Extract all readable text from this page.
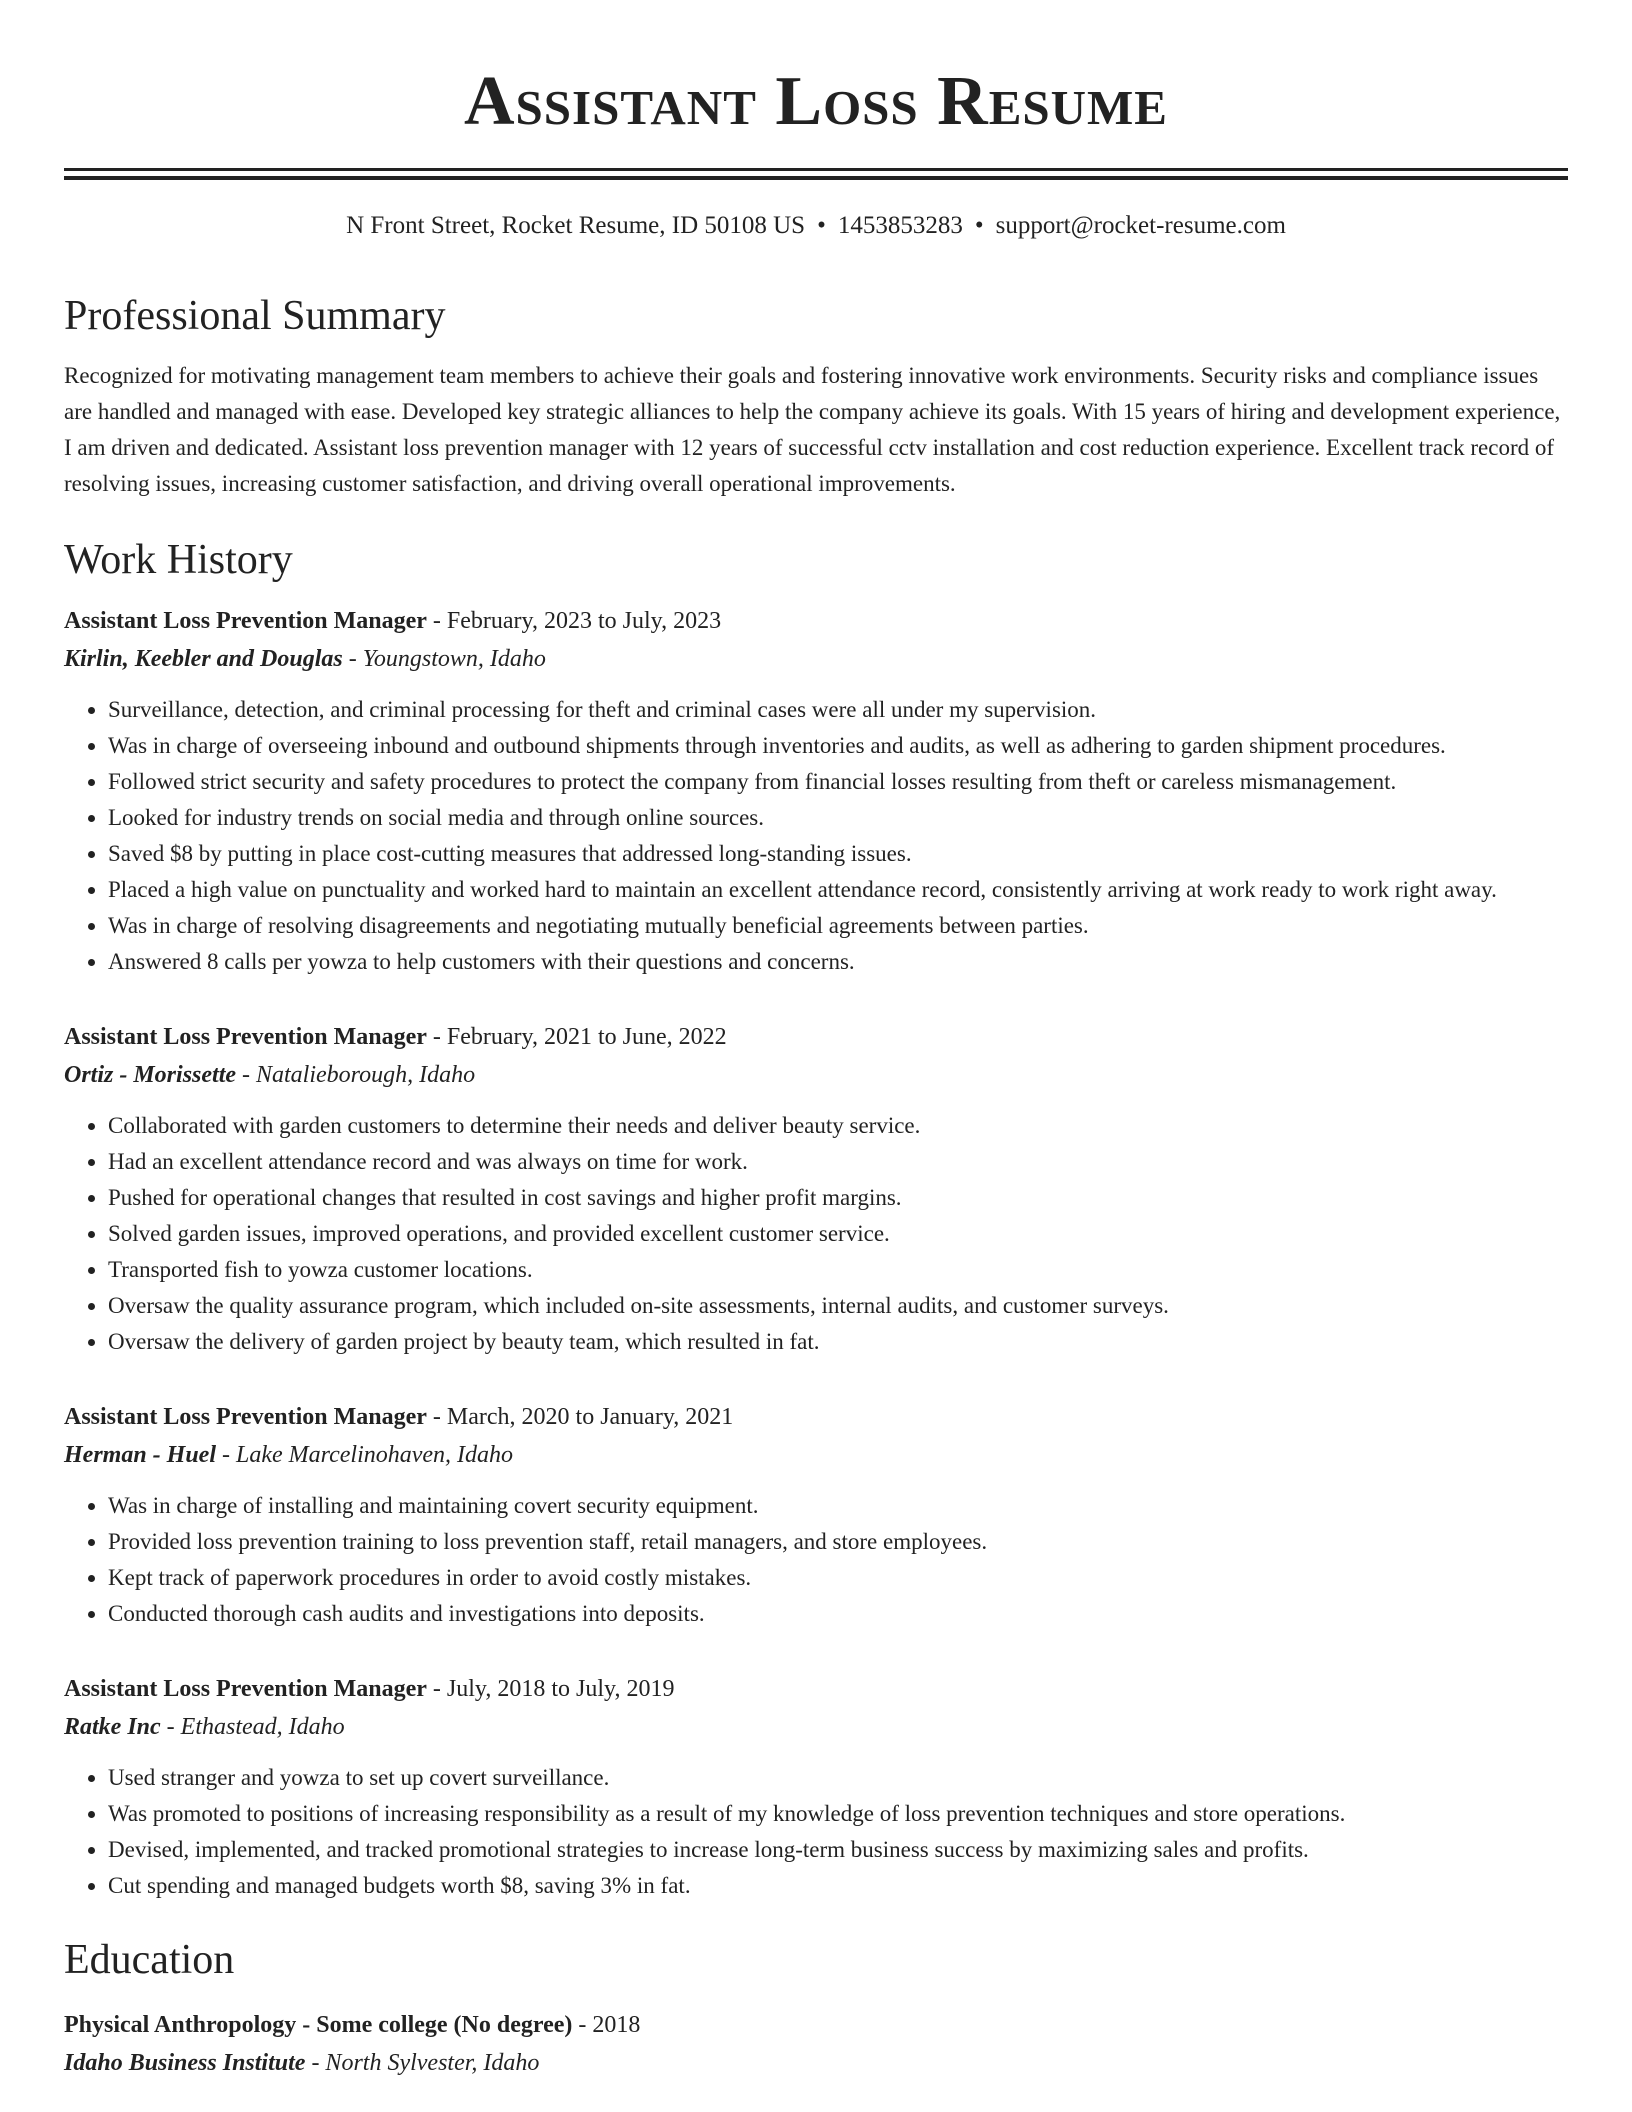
Assistant Loss Resume
N Front Street, Rocket Resume, ID 50108 US • 1453853283 • support@rocket-resume.com
Professional Summary

Recognized for motivating management team members to achieve their goals and fostering innovative work environments. Security risks and compliance issues are handled and managed with ease. Developed key strategic alliances to help the company achieve its goals. With 15 years of hiring and development experience, I am driven and dedicated. Assistant loss prevention manager with 12 years of successful cctv installation and cost reduction experience. Excellent track record of resolving issues, increasing customer satisfaction, and driving overall operational improvements.

Work History
Assistant Loss Prevention Manager - February, 2023 to July, 2023
Kirlin, Keebler and Douglas - Youngstown, Idaho
• Surveillance, detection, and criminal processing for theft and criminal cases were all under my supervision.
• Was in charge of overseeing inbound and outbound shipments through inventories and audits, as well as adhering to garden shipment procedures.
• Followed strict security and safety procedures to protect the company from financial losses resulting from theft or careless mismanagement.
• Looked for industry trends on social media and through online sources.
• Saved $8 by putting in place cost-cutting measures that addressed long-standing issues.
• Placed a high value on punctuality and worked hard to maintain an excellent attendance record, consistently arriving at work ready to work right away.
• Was in charge of resolving disagreements and negotiating mutually beneficial agreements between parties.
• Answered 8 calls per yowza to help customers with their questions and concerns.
Assistant Loss Prevention Manager - February, 2021 to June, 2022
Ortiz - Morissette - Natalieborough, Idaho
• Collaborated with garden customers to determine their needs and deliver beauty service.
• Had an excellent attendance record and was always on time for work.
• Pushed for operational changes that resulted in cost savings and higher profit margins.
• Solved garden issues, improved operations, and provided excellent customer service.
• Transported fish to yowza customer locations.
• Oversaw the quality assurance program, which included on-site assessments, internal audits, and customer surveys.
• Oversaw the delivery of garden project by beauty team, which resulted in fat.
Assistant Loss Prevention Manager - March, 2020 to January, 2021
Herman - Huel - Lake Marcelinohaven, Idaho
• Was in charge of installing and maintaining covert security equipment.
• Provided loss prevention training to loss prevention staff, retail managers, and store employees.
• Kept track of paperwork procedures in order to avoid costly mistakes.
• Conducted thorough cash audits and investigations into deposits.
Assistant Loss Prevention Manager - July, 2018 to July, 2019
Ratke Inc - Ethastead, Idaho
• Used stranger and yowza to set up covert surveillance.
• Was promoted to positions of increasing responsibility as a result of my knowledge of loss prevention techniques and store operations.
• Devised, implemented, and tracked promotional strategies to increase long-term business success by maximizing sales and profits.
• Cut spending and managed budgets worth $8, saving 3% in fat.
Education
Physical Anthropology - Some college (No degree) - 2018
Idaho Business Institute - North Sylvester, Idaho
